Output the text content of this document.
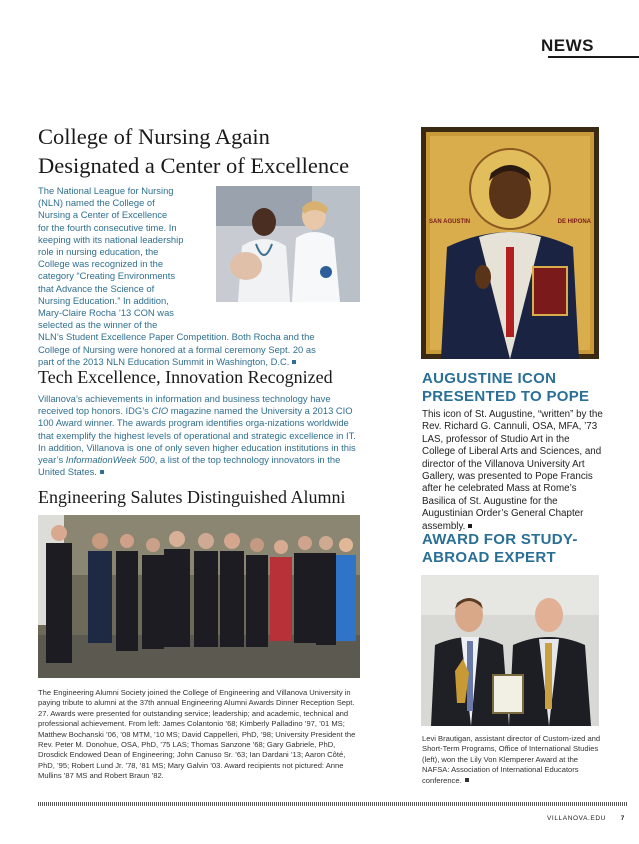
NEWS
College of Nursing Again
Designated a Center of Excellence
The National League for Nursing
(NLN) named the College of
Nursing a Center of Excellence
for the fourth consecutive time. In
keeping with its national leadership
role in nursing education, the
College was recognized in the
category “Creating Environments
that Advance the Science of
Nursing Education.” In addition,
Mary-Claire Rocha ’13 CON was
selected as the winner of the
NLN’s Student Excellence Paper Competition. Both Rocha and the
College of Nursing were honored at a formal ceremony Sept. 20 as
part of the 2013 NLN Education Summit in Washington, D.C.
Tech Excellence, Innovation Recognized
Villanova’s achievements in information and business technology have received top honors. IDG’s CIO magazine named the University a 2013 CIO 100 Award winner. The awards program identifies orga-nizations worldwide that exemplify the highest levels of operational and strategic excellence in IT. In addition, Villanova is one of only seven higher education institutions in this year’s InformationWeek 500, a list of the top technology innovators in the United States.
Engineering Salutes Distinguished Alumni
The Engineering Alumni Society joined the College of Engineering and Villanova University in paying tribute to alumni at the 37th annual Engineering Alumni Awards Dinner Reception Sept. 27. Awards were presented for outstanding service; leadership; and academic, technical and professional achievement. From left: James Colantonio ’68; Kimberly Palladino ’97, ’01 MS; Matthew Bochanski ’06, ’08 MTM, ’10 MS; David Cappelleri, PhD, ’98; University President the Rev. Peter M. Donohue, OSA, PhD, ’75 LAS; Thomas Sanzone ’68; Gary Gabriele, PhD, Drosdick Endowed Dean of Engineering; John Canuso Sr. ’63; Ian Dardani ’13; Aaron Côté, PhD, ’95; Robert Lund Jr. ’78, ’81 MS; Mary Galvin ’03. Award recipients not pictured: Anne Mullins ’87 MS and Robert Braun ’82.
SAN AGUSTIN	DE HIPONA
AUGUSTINE ICON PRESENTED TO POPE
This icon of St. Augustine, “written” by the Rev. Richard G. Cannuli, OSA, MFA, ’73 LAS, professor of Studio Art in the College of Liberal Arts and Sciences, and director of the Villanova University Art Gallery, was presented to Pope Francis after he celebrated Mass at Rome’s Basilica of St. Augustine for the Augustinian Order’s General Chapter assembly.
AWARD FOR STUDY-ABROAD EXPERT
Levi Brautigan, assistant director of Custom-ized and Short-Term Programs, Office of International Studies (left), won the Lily Von Klemperer Award at the NAFSA: Association of International Educators conference.
VILLANOVA.EDU 7
